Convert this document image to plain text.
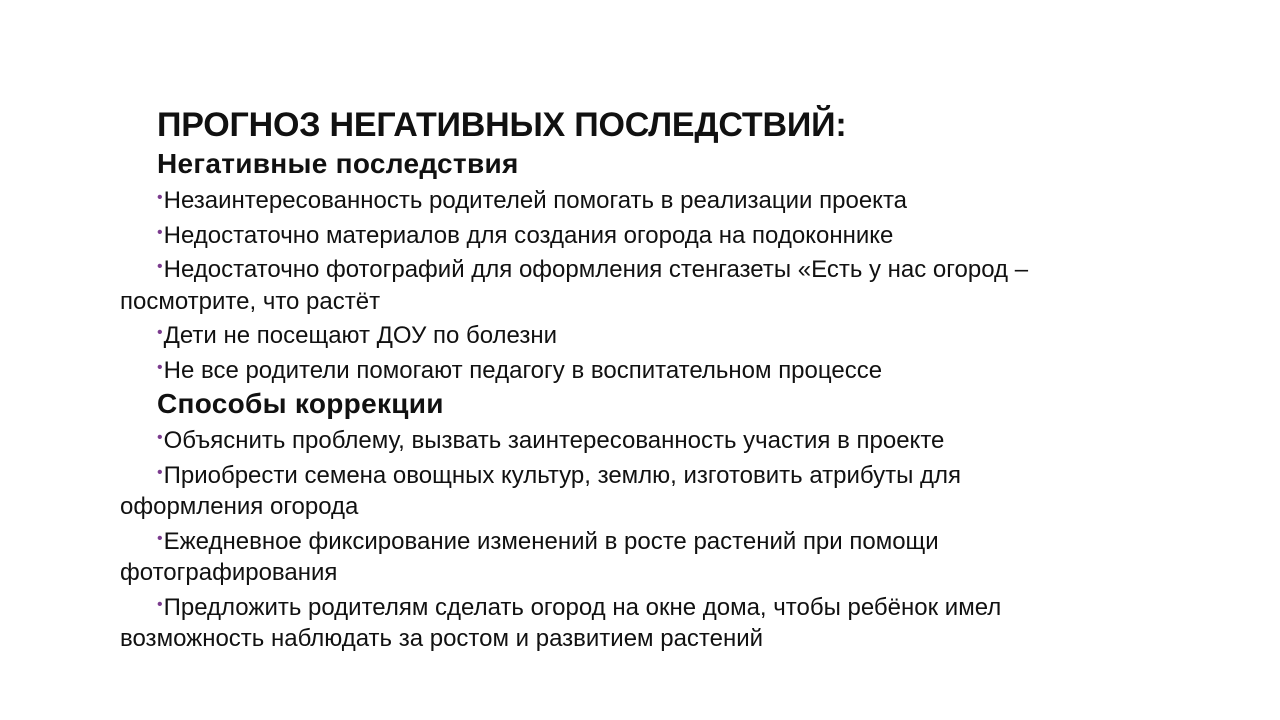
ПРОГНОЗ НЕГАТИВНЫХ ПОСЛЕДСТВИЙ:
Негативные последствия
•Незаинтересованность родителей помогать в реализации проекта
•Недостаточно материалов для создания огорода на подоконнике
•Недостаточно фотографий для оформления стенгазеты «Есть у нас огород – посмотрите, что растёт
•Дети не посещают ДОУ по болезни
•Не все родители помогают педагогу в воспитательном процессе
Способы коррекции
•Объяснить проблему, вызвать заинтересованность участия в проекте
•Приобрести семена овощных культур, землю, изготовить атрибуты для оформления огорода
•Ежедневное фиксирование изменений в росте растений при помощи фотографирования
•Предложить родителям сделать огород на окне дома, чтобы ребёнок имел возможность наблюдать за ростом и развитием растений
